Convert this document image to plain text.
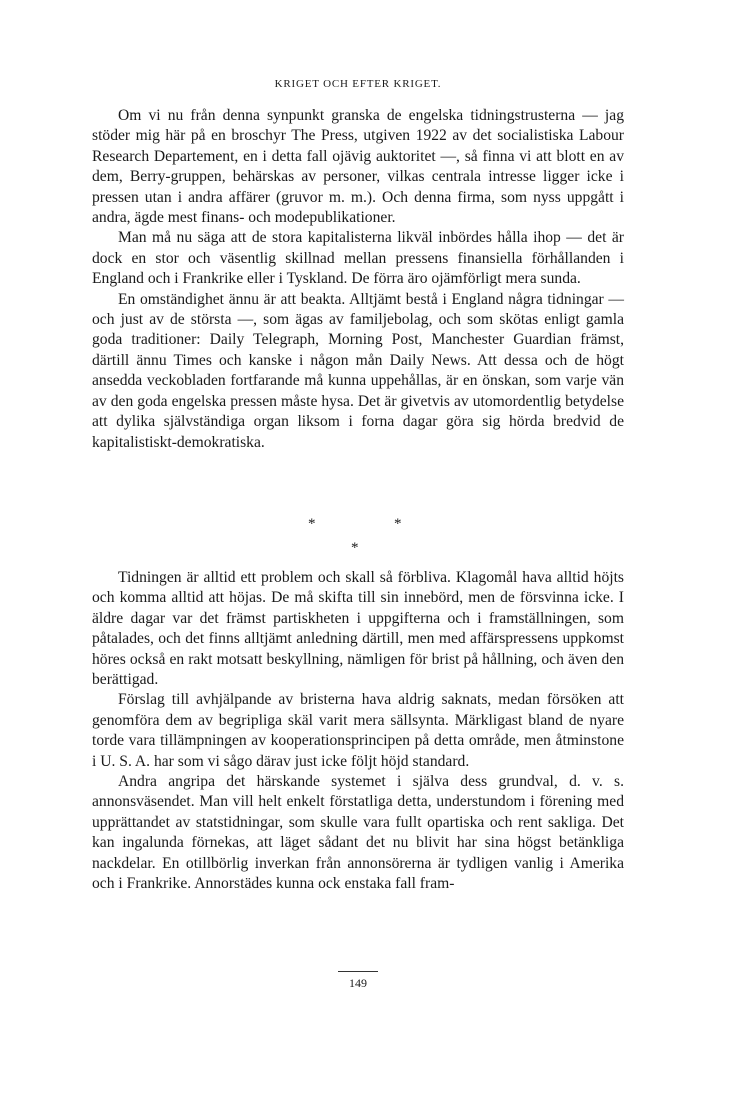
KRIGET OCH EFTER KRIGET.

Om vi nu från denna synpunkt granska de engelska tidningstrusterna — jag stöder mig här på en broschyr The Press, utgiven 1922 av det socialistiska Labour Research Departement, en i detta fall ojävig auktoritet —, så finna vi att blott en av dem, Berry-gruppen, behärskas av personer, vilkas centrala intresse ligger icke i pressen utan i andra affärer (gruvor m. m.). Och denna firma, som nyss uppgått i andra, ägde mest finans- och modepublikationer.

Man må nu säga att de stora kapitalisterna likväl inbördes hålla ihop — det är dock en stor och väsentlig skillnad mellan pressens finansiella förhållanden i England och i Frankrike eller i Tyskland. De förra äro ojämförligt mera sunda.

En omständighet ännu är att beakta. Alltjämt bestå i England några tidningar — och just av de största —, som ägas av familjebolag, och som skötas enligt gamla goda traditioner: Daily Telegraph, Morning Post, Manchester Guardian främst, därtill ännu Times och kanske i någon mån Daily News. Att dessa och de högt ansedda veckobladen fortfarande må kunna uppehållas, är en önskan, som varje vän av den goda engelska pressen måste hysa. Det är givetvis av utomordentlig betydelse att dylika självständiga organ liksom i forna dagar göra sig hörda bredvid de kapitalistiskt-demokratiska.

*	*
*

Tidningen är alltid ett problem och skall så förbliva. Klagomål hava alltid höjts och komma alltid att höjas. De må skifta till sin innebörd, men de försvinna icke. I äldre dagar var det främst partiskheten i uppgifterna och i framställningen, som påtalades, och det finns alltjämt anledning därtill, men med affärspressens uppkomst höres också en rakt motsatt beskyllning, nämligen för brist på hållning, och även den berättigad.

Förslag till avhjälpande av bristerna hava aldrig saknats, medan försöken att genomföra dem av begripliga skäl varit mera sällsynta. Märkligast bland de nyare torde vara tillämpningen av kooperationsprincipen på detta område, men åtminstone i U. S. A. har som vi sågo därav just icke följt höjd standard.

Andra angripa det härskande systemet i själva dess grundval, d. v. s. annonsväsendet. Man vill helt enkelt förstatliga detta, understundom i förening med upprättandet av statstidningar, som skulle vara fullt opartiska och rent sakliga. Det kan ingalunda förnekas, att läget sådant det nu blivit har sina högst betänkliga nackdelar. En otillbörlig inverkan från annonsörerna är tydligen vanlig i Amerika och i Frankrike. Annorstädes kunna ock enstaka fall fram-

149
